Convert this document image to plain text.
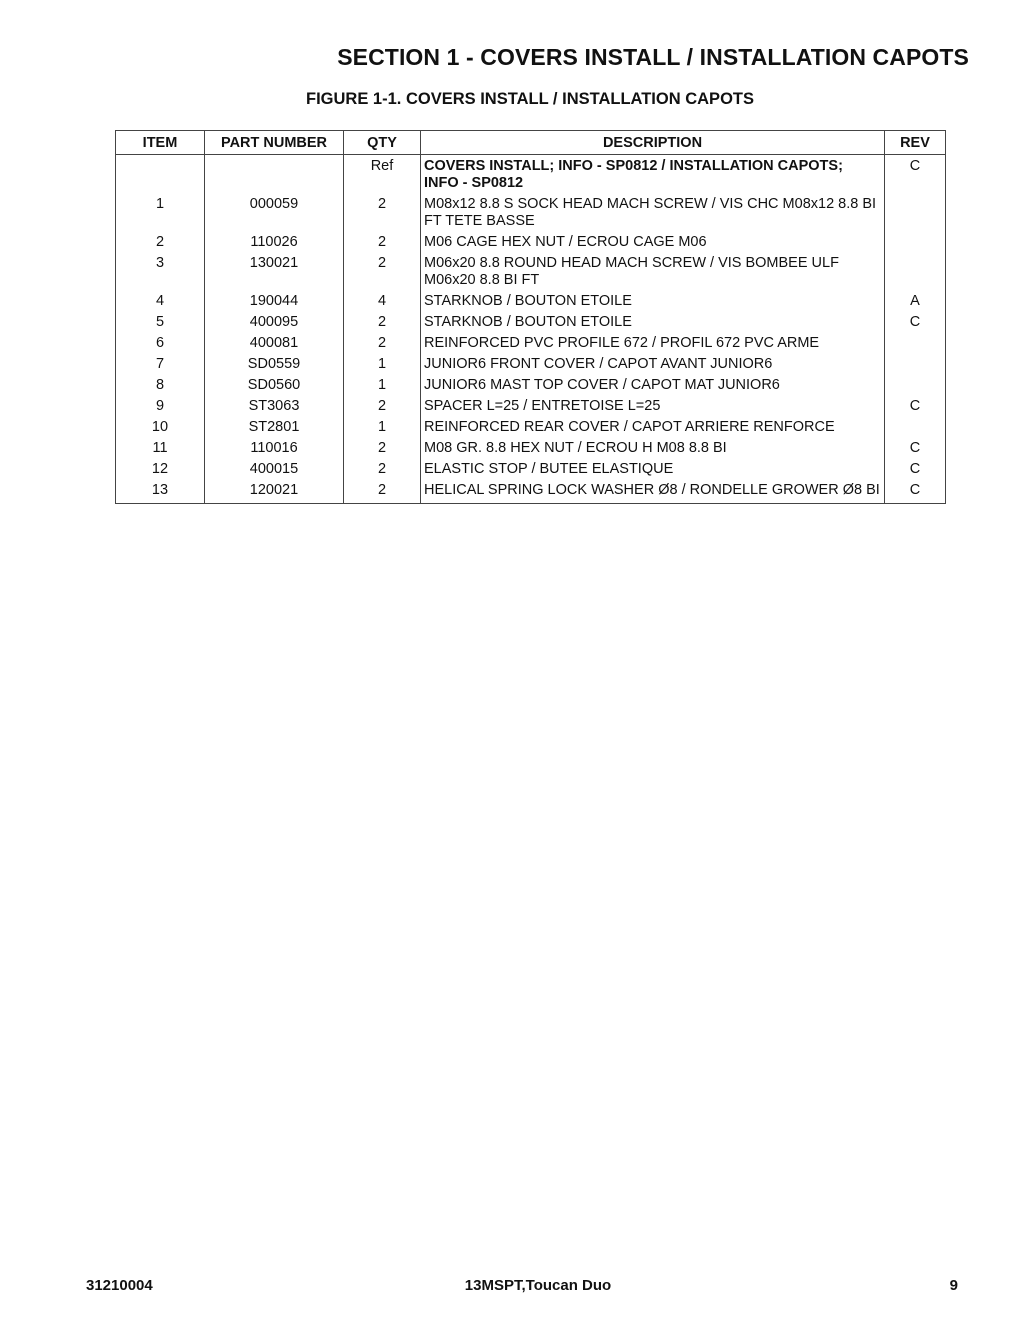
SECTION 1 - COVERS INSTALL / INSTALLATION CAPOTS
FIGURE 1-1. COVERS INSTALL / INSTALLATION CAPOTS
ITEM	PART NUMBER	QTY	DESCRIPTION	REV
		Ref	COVERS INSTALL; INFO - SP0812 / INSTALLATION CAPOTS; INFO - SP0812	C
1	000059	2	M08x12 8.8 S SOCK HEAD MACH SCREW / VIS CHC M08x12 8.8 BI FT TETE BASSE	
2	110026	2	M06 CAGE HEX NUT / ECROU CAGE M06	
3	130021	2	M06x20 8.8 ROUND HEAD MACH SCREW / VIS BOMBEE ULF M06x20 8.8 BI FT	
4	190044	4	STARKNOB / BOUTON ETOILE	A
5	400095	2	STARKNOB / BOUTON ETOILE	C
6	400081	2	REINFORCED PVC PROFILE 672 / PROFIL 672 PVC ARME	
7	SD0559	1	JUNIOR6 FRONT COVER / CAPOT AVANT JUNIOR6	
8	SD0560	1	JUNIOR6 MAST TOP COVER / CAPOT MAT JUNIOR6	
9	ST3063	2	SPACER L=25 / ENTRETOISE L=25	C
10	ST2801	1	REINFORCED REAR COVER / CAPOT ARRIERE RENFORCE	
11	110016	2	M08 GR. 8.8 HEX NUT / ECROU H M08 8.8 BI	C
12	400015	2	ELASTIC STOP / BUTEE ELASTIQUE	C
13	120021	2	HELICAL SPRING LOCK WASHER Ø8 / RONDELLE GROWER Ø8 BI	C
31210004	13MSPT,Toucan Duo	9
